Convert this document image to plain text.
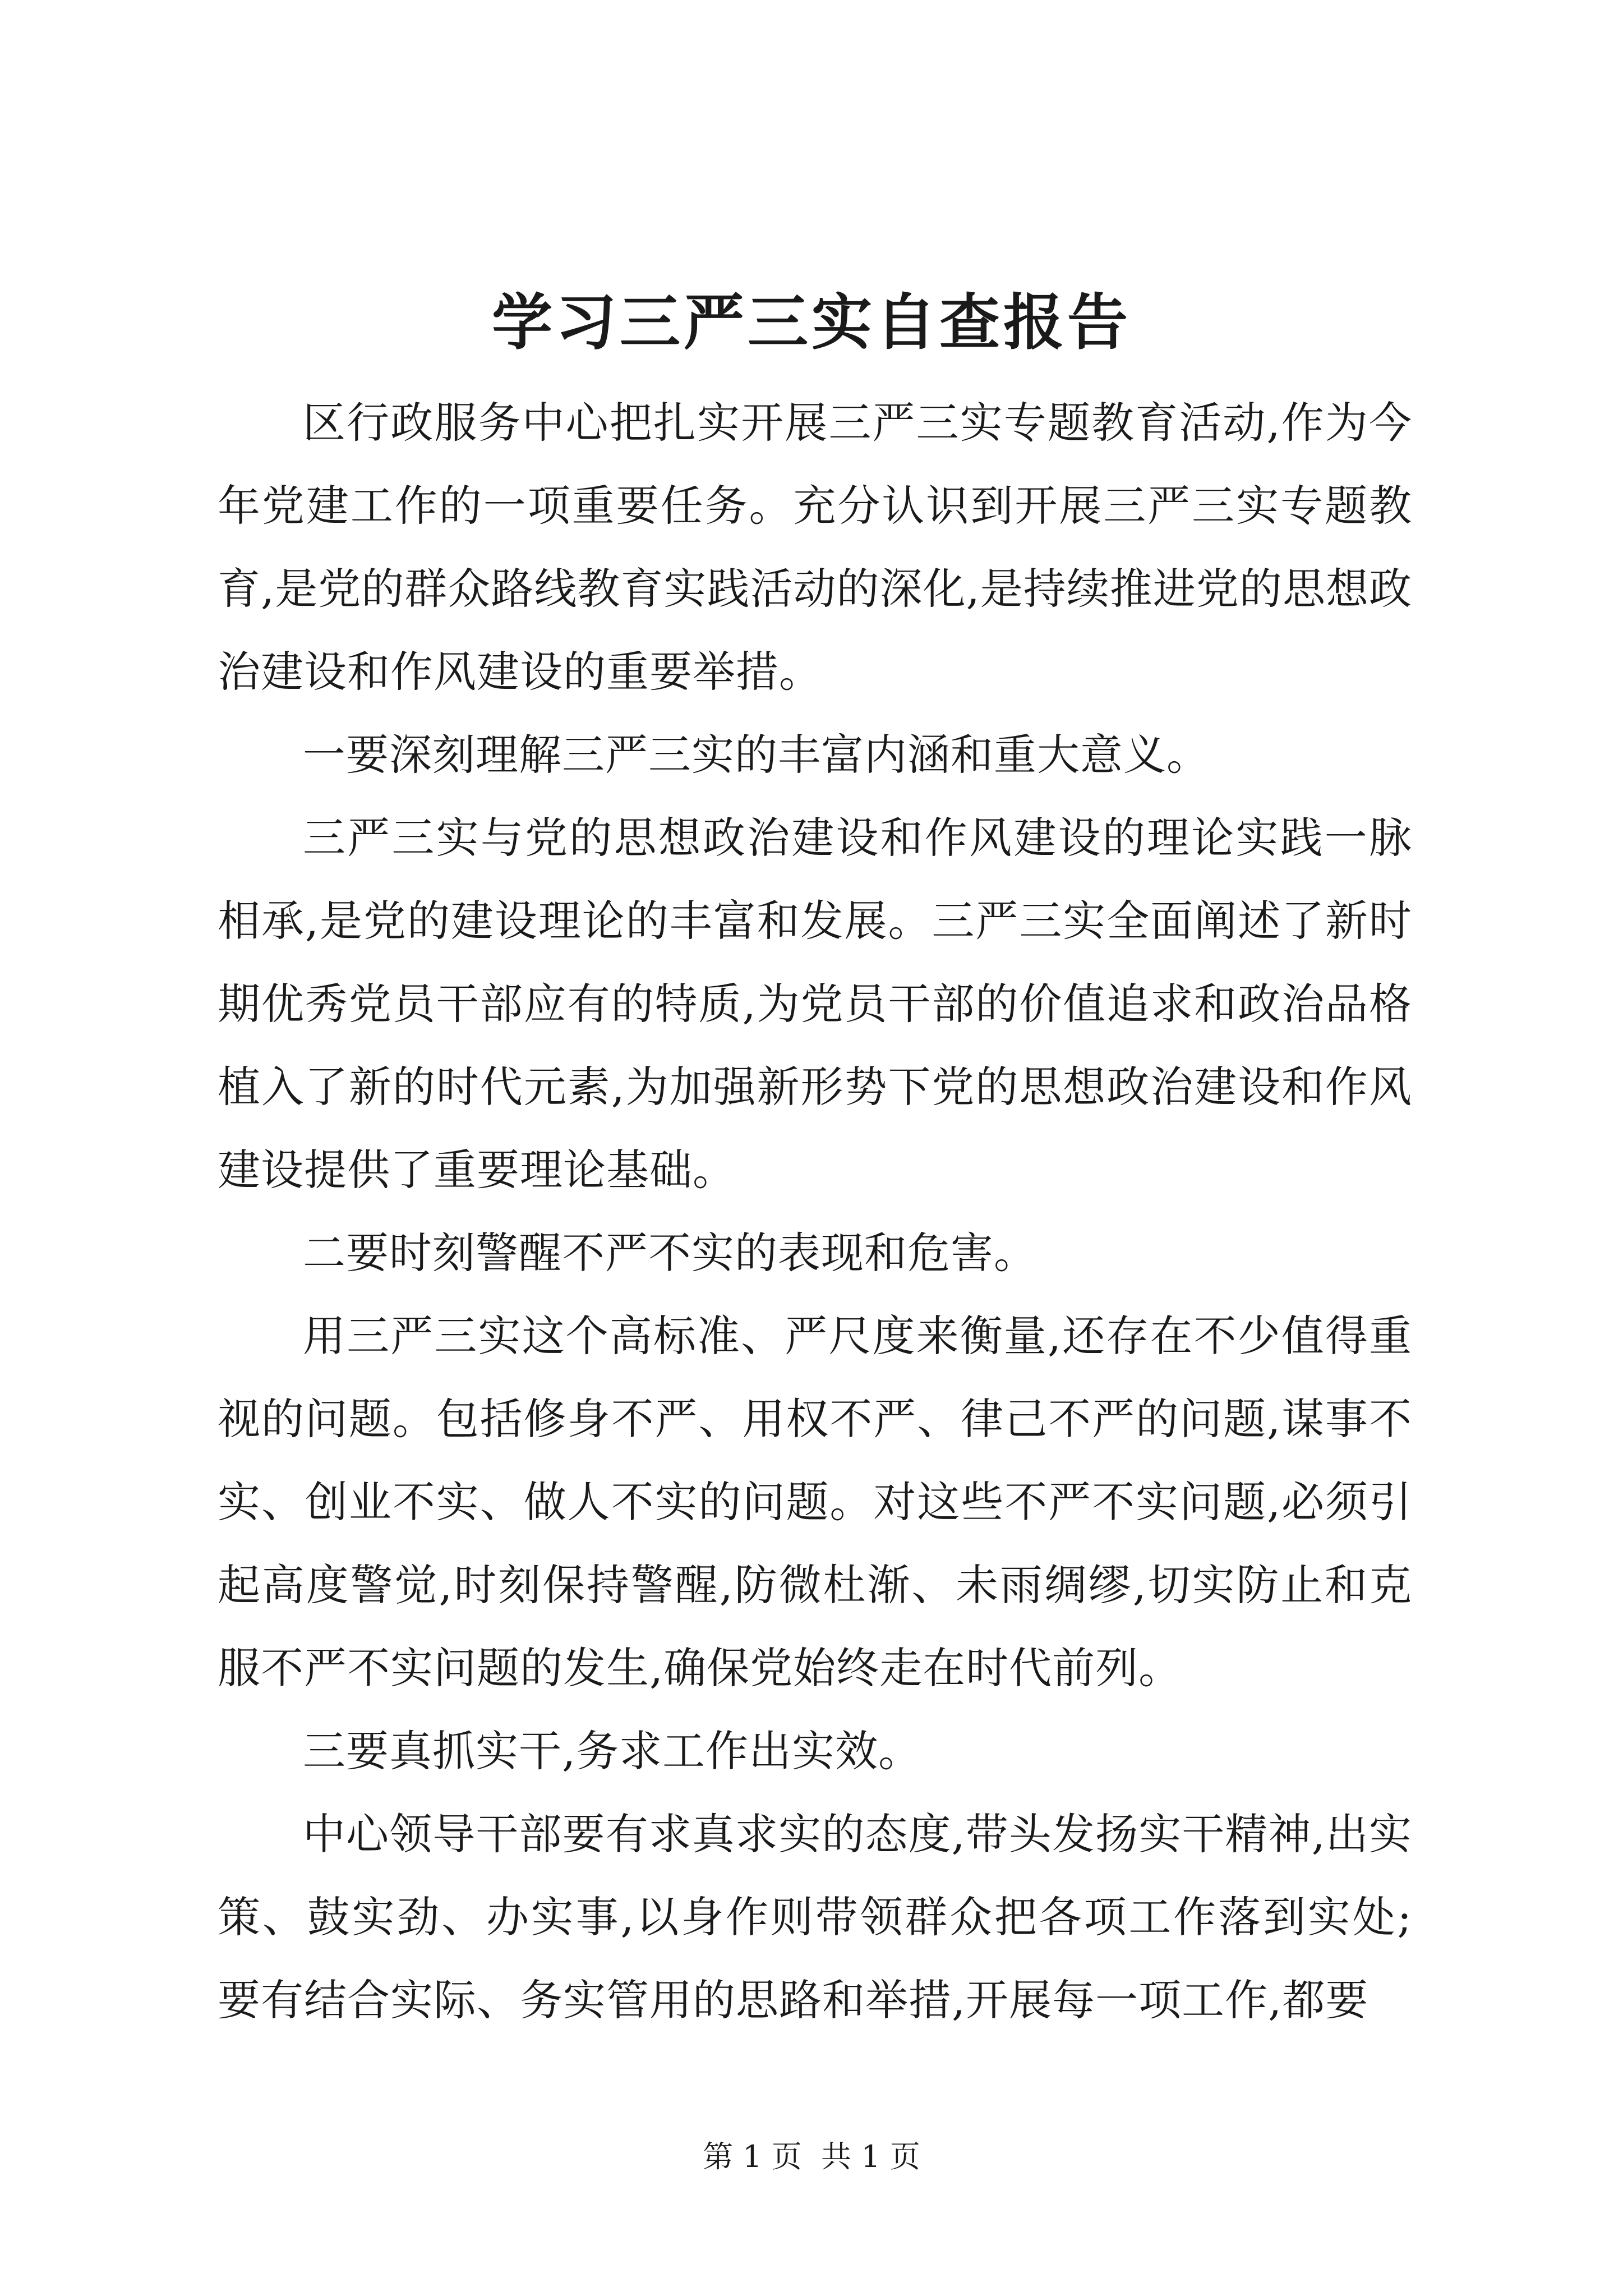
学习三严三实自查报告

区行政服务中心把扎实开展三严三实专题教育活动,作为今年党建工作的一项重要任务。充分认识到开展三严三实专题教育,是党的群众路线教育实践活动的深化,是持续推进党的思想政治建设和作风建设的重要举措。

一要深刻理解三严三实的丰富内涵和重大意义。

三严三实与党的思想政治建设和作风建设的理论实践一脉相承,是党的建设理论的丰富和发展。三严三实全面阐述了新时期优秀党员干部应有的特质,为党员干部的价值追求和政治品格植入了新的时代元素,为加强新形势下党的思想政治建设和作风建设提供了重要理论基础。

二要时刻警醒不严不实的表现和危害。

用三严三实这个高标准、严尺度来衡量,还存在不少值得重视的问题。包括修身不严、用权不严、律己不严的问题,谋事不实、创业不实、做人不实的问题。对这些不严不实问题,必须引起高度警觉,时刻保持警醒,防微杜渐、未雨绸缪,切实防止和克服不严不实问题的发生,确保党始终走在时代前列。

三要真抓实干,务求工作出实效。

中心领导干部要有求真求实的态度,带头发扬实干精神,出实策、鼓实劲、办实事,以身作则带领群众把各项工作落到实处;要有结合实际、务实管用的思路和举措,开展每一项工作,都要

第 1 页  共 1 页
